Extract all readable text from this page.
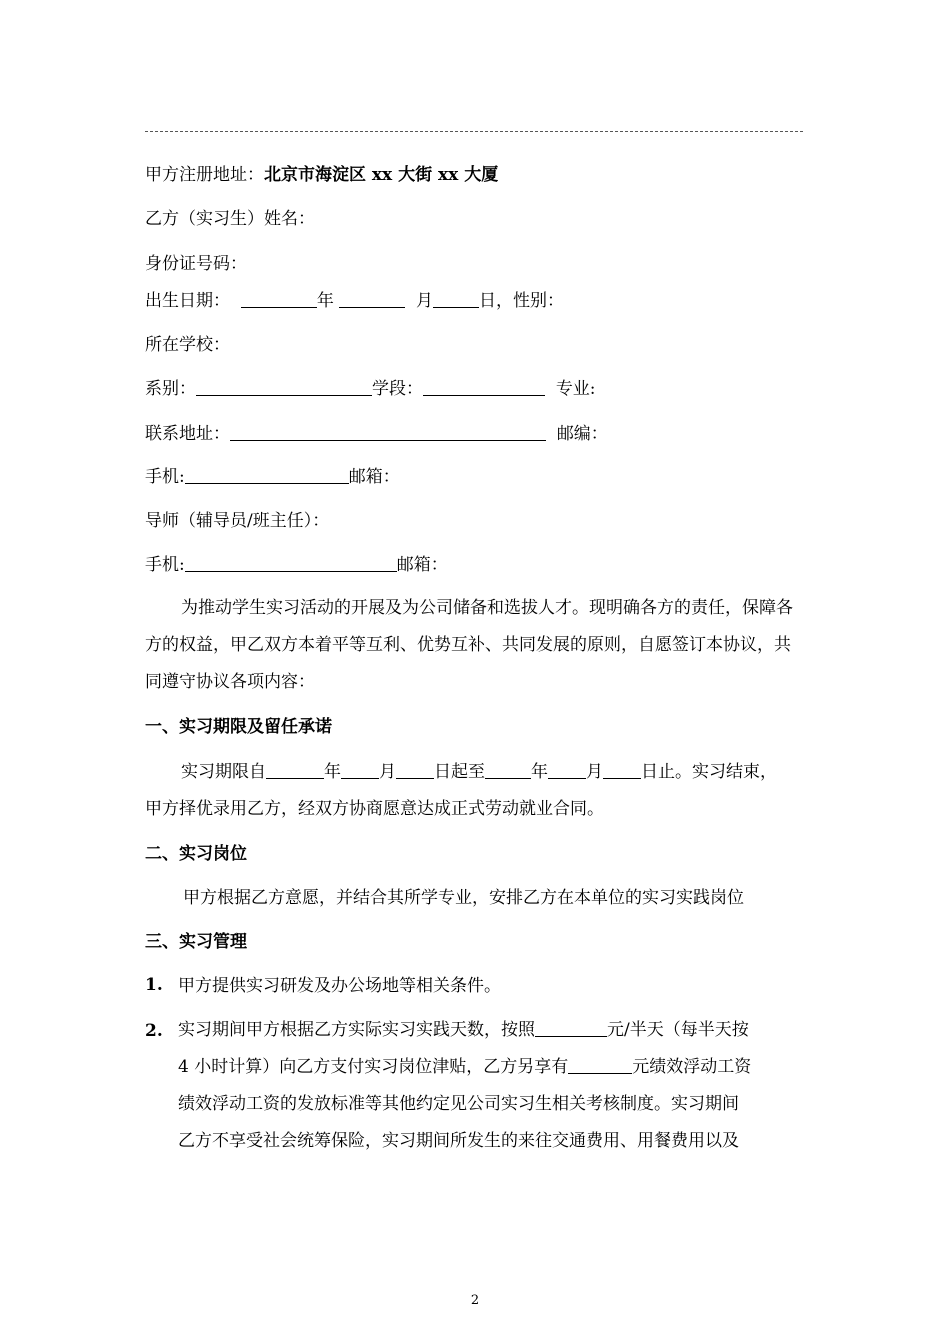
甲方注册地址：北京市海淀区 xx 大街 xx 大厦
乙方（实习生）姓名：
身份证号码：
出生日期：	年	月	日，性别：
所在学校：
系别：	学段：	专业:
联系地址：	邮编：
手机:	邮箱：
导师（辅导员/班主任）：
手机:	邮箱：
为推动学生实习活动的开展及为公司储备和选拔人才。现明确各方的责任，保障各方的权益，甲乙双方本着平等互利、优势互补、共同发展的原则，自愿签订本协议，共同遵守协议各项内容：
一、实习期限及留任承诺
实习期限自	年 月 日起至	年 月 日止。实习结束，
甲方择优录用乙方，经双方协商愿意达成正式劳动就业合同。
二、实习岗位
甲方根据乙方意愿，并结合其所学专业，安排乙方在本单位的实习实践岗位
三、实习管理
1. 甲方提供实习研发及办公场地等相关条件。
2. 实习期间甲方根据乙方实际实习实践天数，按照	元/半天（每半天按
4 小时计算）向乙方支付实习岗位津贴，乙方另享有	元绩效浮动工资
绩效浮动工资的发放标准等其他约定见公司实习生相关考核制度。实习期间
乙方不享受社会统筹保险，实习期间所发生的来往交通费用、用餐费用以及
2
